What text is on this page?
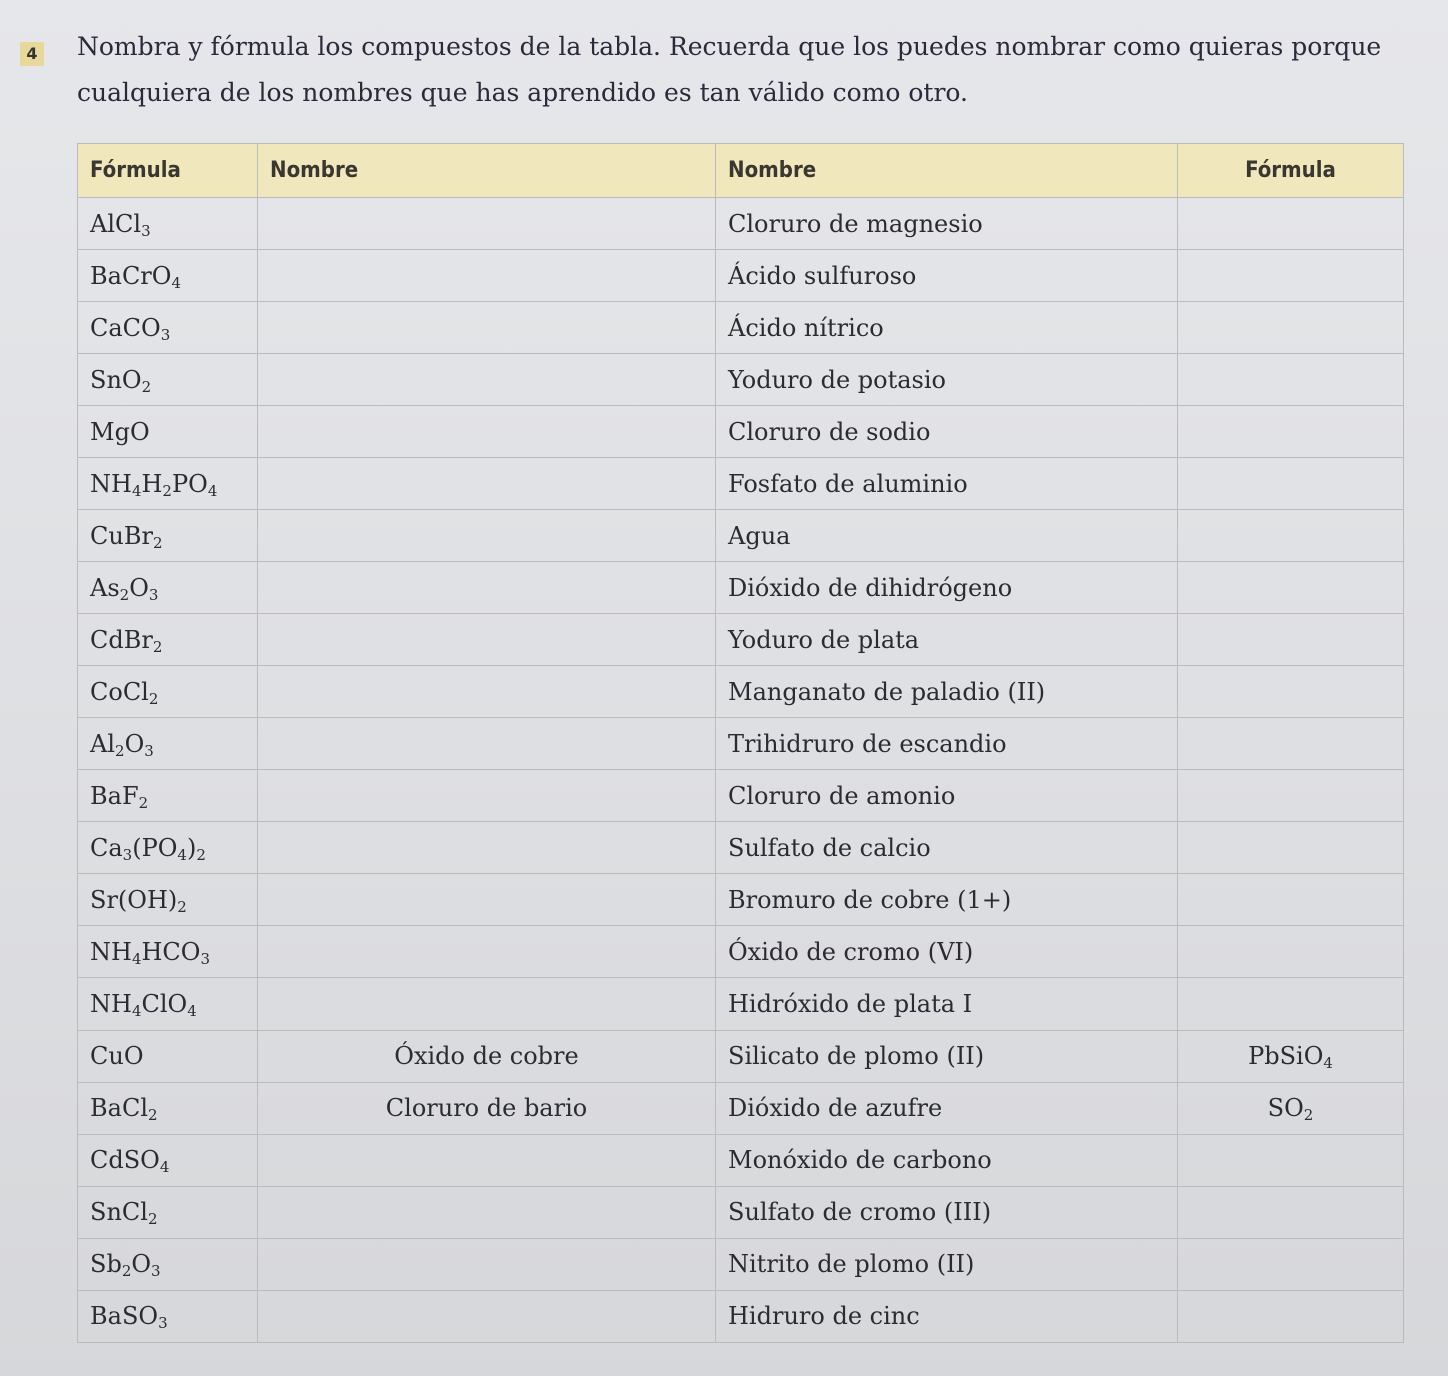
4 Nombra y fórmula los compuestos de la tabla. Recuerda que los puedes nombrar como quieras porque cualquiera de los nombres que has aprendido es tan válido como otro.
Fórmula	Nombre	Nombre	Fórmula
AlCl$_3$		Cloruro de magnesio	
BaCrO$_4$		Ácido sulfuroso	
CaCO$_3$		Ácido nítrico	
SnO$_2$		Yoduro de potasio	
MgO		Cloruro de sodio	
$NH_4H_2PO_4$		Fosfato de aluminio	
CuBr$_2$		Agua	
$As_2O_3$		Dióxido de dihidrógeno	
CdBr$_2$		Yoduro de plata	
CoCl$_2$		Manganato de paladio (II)	
$Al_2O_3$		Trihidruro de escandio	
BaF$_2$		Cloruro de amonio	
$Ca_3(PO_4)_2$		Sulfato de calcio	
$Sr(OH)_2$		Bromuro de cobre (1+)	
$NH_4HCO_3$		Óxido de cromo (VI)	
$NH_4ClO_4$		Hidróxido de plata I	
CuO	Óxido de cobre	Silicato de plomo (II)	PbSiO$_4$
BaCl$_2$	Cloruro de bario	Dióxido de azufre	$SO_2$
CdSO$_4$		Monóxido de carbono	
SnCl$_2$		Sulfato de cromo (III)	
$Sb_2O_3$		Nitrito de plomo (II)	
BaSO$_3$		Hidruro de cinc	
